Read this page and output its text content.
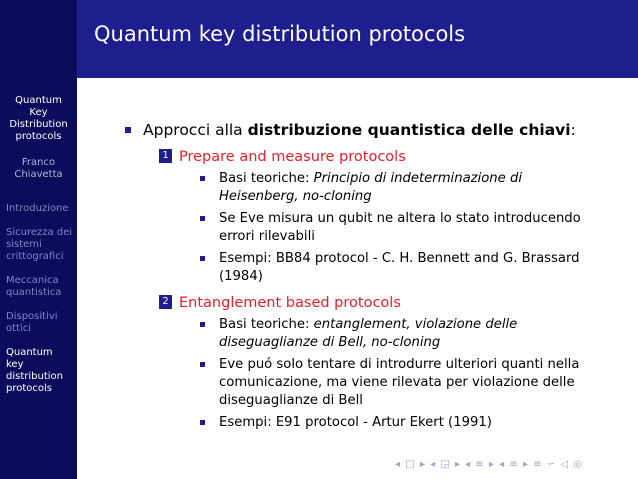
Quantum
Key
Distribution
protocols
Franco
Chiavetta
Introduzione
Sicurezza dei
sistemi
crittografici
Meccanica
quantistica
Dispositivi
ottici
Quantum
key
distribution
protocols
Quantum key distribution protocols
Approcci alla distribuzione quantistica delle chiavi:
1 Prepare and measure protocols
Basi teoriche: Principio di indeterminazione di
Heisenberg, no-cloning
Se Eve misura un qubit ne altera lo stato introducendo
errori rilevabili
Esempi: BB84 protocol - C. H. Bennett and G. Brassard
(1984)
2 Entanglement based protocols
Basi teoriche: entanglement, violazione delle
diseguaglianze di Bell, no-cloning
Eve puó solo tentare di introdurre ulteriori quanti nella
comunicazione, ma viene rilevata per violazione delle
diseguaglianze di Bell
Esempi: E91 protocol - Artur Ekert (1991)
◂ □ ▸ ◂ ◲ ▸ ◂ ≡ ▸ ◂ ≡ ▸ ≡ ∽ ◁ ◎
